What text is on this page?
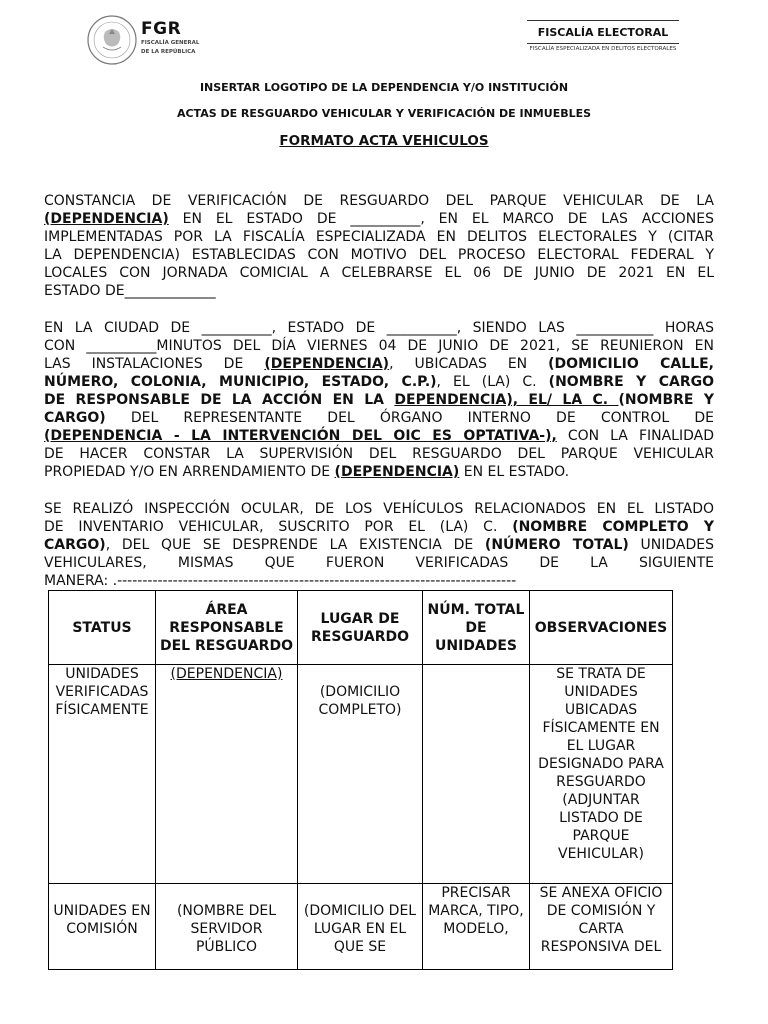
FGR
FISCALÍA GENERAL
DE LA REPÚBLICA
FISCALÍA ELECTORAL
FISCALÍA ESPECIALIZADA EN DELITOS ELECTORALES
INSERTAR LOGOTIPO DE LA DEPENDENCIA Y/O INSTITUCIÓN
ACTAS DE RESGUARDO VEHICULAR Y VERIFICACIÓN DE INMUEBLES
FORMATO ACTA VEHICULOS
CONSTANCIA DE VERIFICACIÓN DE RESGUARDO DEL PARQUE VEHICULAR DE LA
(DEPENDENCIA) EN EL ESTADO DE __________, EN EL MARCO DE LAS ACCIONES
IMPLEMENTADAS POR LA FISCALÍA ESPECIALIZADA EN DELITOS ELECTORALES Y (CITAR
LA DEPENDENCIA) ESTABLECIDAS CON MOTIVO DEL PROCESO ELECTORAL FEDERAL Y
LOCALES CON JORNADA COMICIAL A CELEBRARSE EL 06 DE JUNIO DE 2021 EN EL
ESTADO DE_____________
EN LA CIUDAD DE __________, ESTADO DE __________, SIENDO LAS ___________ HORAS
CON __________MINUTOS DEL DÍA VIERNES 04 DE JUNIO DE 2021, SE REUNIERON EN
LAS INSTALACIONES DE (DEPENDENCIA), UBICADAS EN (DOMICILIO CALLE,
NÚMERO, COLONIA, MUNICIPIO, ESTADO, C.P.), EL (LA) C. (NOMBRE Y CARGO
DE RESPONSABLE DE LA ACCIÓN EN LA DEPENDENCIA), EL/ LA C. (NOMBRE Y
CARGO) DEL REPRESENTANTE DEL ÓRGANO INTERNO DE CONTROL DE
(DEPENDENCIA - LA INTERVENCIÓN DEL OIC ES OPTATIVA-), CON LA FINALIDAD
DE HACER CONSTAR LA SUPERVISIÓN DEL RESGUARDO DEL PARQUE VEHICULAR
PROPIEDAD Y/O EN ARRENDAMIENTO DE (DEPENDENCIA) EN EL ESTADO.
SE REALIZÓ INSPECCIÓN OCULAR, DE LOS VEHÍCULOS RELACIONADOS EN EL LISTADO
DE INVENTARIO VEHICULAR, SUSCRITO POR EL (LA) C. (NOMBRE COMPLETO Y
CARGO), DEL QUE SE DESPRENDE LA EXISTENCIA DE (NÚMERO TOTAL) UNIDADES
VEHICULARES, MISMAS QUE FUERON VERIFICADAS DE LA SIGUIENTE
MANERA: .-------------------------------------------------------------------------------
STATUS	ÁREA RESPONSABLE DEL RESGUARDO	LUGAR DE RESGUARDO	NÚM. TOTAL DE UNIDADES	OBSERVACIONES
UNIDADES VERIFICADAS FÍSICAMENTE	(DEPENDENCIA)	(DOMICILIO COMPLETO)		SE TRATA DE UNIDADES UBICADAS FÍSICAMENTE EN EL LUGAR DESIGNADO PARA RESGUARDO (ADJUNTAR LISTADO DE PARQUE VEHICULAR)
UNIDADES EN COMISIÓN	(NOMBRE DEL SERVIDOR PÚBLICO	(DOMICILIO DEL LUGAR EN EL QUE SE	PRECISAR MARCA, TIPO, MODELO,	SE ANEXA OFICIO DE COMISIÓN Y CARTA RESPONSIVA DEL
